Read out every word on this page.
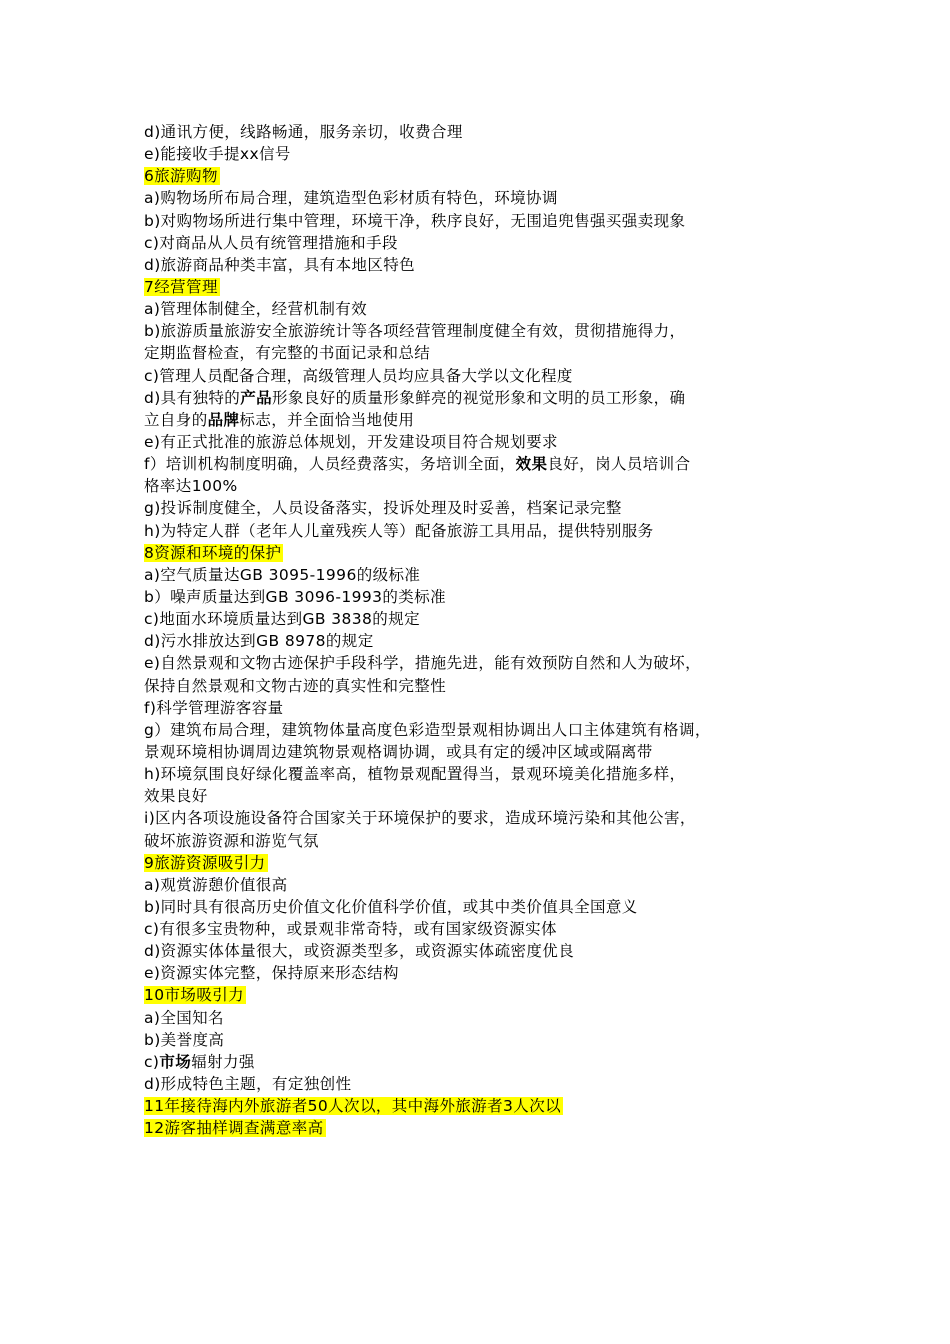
d)通讯方便，线路畅通，服务亲切，收费合理
e)能接收手提xx信号
6旅游购物
a)购物场所布局合理，建筑造型色彩材质有特色，环境协调
b)对购物场所进行集中管理，环境干净，秩序良好，无围追兜售强买强卖现象
c)对商品从人员有统管理措施和手段
d)旅游商品种类丰富，具有本地区特色
7经营管理
a)管理体制健全，经营机制有效
b)旅游质量旅游安全旅游统计等各项经营管理制度健全有效，贯彻措施得力，
定期监督检查，有完整的书面记录和总结
c)管理人员配备合理，高级管理人员均应具备大学以文化程度
d)具有独特的产品形象良好的质量形象鲜亮的视觉形象和文明的员工形象，确
立自身的品牌标志，并全面恰当地使用
e)有正式批准的旅游总体规划，开发建设项目符合规划要求
f）培训机构制度明确，人员经费落实，务培训全面，效果良好，岗人员培训合
格率达100%
g)投诉制度健全，人员设备落实，投诉处理及时妥善，档案记录完整
h)为特定人群（老年人儿童残疾人等）配备旅游工具用品，提供特别服务
8资源和环境的保护
a)空气质量达GB 3095-1996的级标准
b）噪声质量达到GB 3096-1993的类标准
c)地面水环境质量达到GB 3838的规定
d)污水排放达到GB 8978的规定
e)自然景观和文物古迹保护手段科学，措施先进，能有效预防自然和人为破坏，
保持自然景观和文物古迹的真实性和完整性
f)科学管理游客容量
g）建筑布局合理，建筑物体量高度色彩造型景观相协调出人口主体建筑有格调，
景观环境相协调周边建筑物景观格调协调，或具有定的缓冲区域或隔离带
h)环境氛围良好绿化覆盖率高，植物景观配置得当，景观环境美化措施多样，
效果良好
i)区内各项设施设备符合国家关于环境保护的要求，造成环境污染和其他公害，
破坏旅游资源和游览气氛
9旅游资源吸引力
a)观赏游憩价值很高
b)同时具有很高历史价值文化价值科学价值，或其中类价值具全国意义
c)有很多宝贵物种，或景观非常奇特，或有国家级资源实体
d)资源实体体量很大，或资源类型多，或资源实体疏密度优良
e)资源实体完整，保持原来形态结构
10市场吸引力
a)全国知名
b)美誉度高
c)市场辐射力强
d)形成特色主题，有定独创性
11年接待海内外旅游者50人次以，其中海外旅游者3人次以
12游客抽样调查满意率高
